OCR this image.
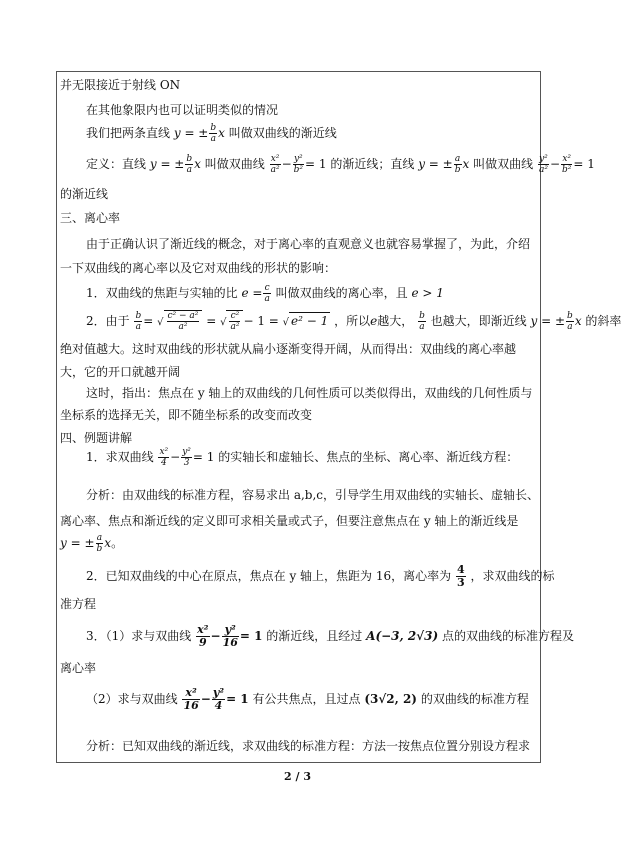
并无限接近于射线 ON
在其他象限内也可以证明类似的情况
我们把两条直线 y = ± $\frac{b}{a}$ x 叫做双曲线的渐近线
定义：直线 y = ± $\frac{b}{a}$ x 叫做双曲线 $\frac{\text{x²}}{\text{a²}} - \frac{\text{y²}}{\text{b²}} = 1$ 的渐近线；直线 y = ± $\frac{a}{b}$ x 叫做双曲线 $\frac{\text{y²}}{\text{a²}} - \frac{\text{x²}}{\text{b²}} = 1$
的渐近线
三、离心率
由于正确认识了渐近线的概念，对于离心率的直观意义也就容易掌握了，为此，介绍
一下双曲线的离心率以及它对双曲线的形状的影响：
1．双曲线的焦距与实轴的比 $e = \frac{c}{a}$ 叫做双曲线的离心率，且 e > 1
2．由于 $\frac{b}{a}$ = √ $\frac{\text{c² − a²}}{\text{a²}}$ = √ $\frac{\text{c²}}{\text{a²}} - 1$ = √ e² − 1 ，所以e越大， $\frac{b}{a}$ 也越大，即渐近线 y = ± $\frac{b}{a}$ x 的斜率
绝对值越大。这时双曲线的形状就从扁小逐渐变得开阔，从而得出：双曲线的离心率越
大，它的开口就越开阔
这时，指出：焦点在 y 轴上的双曲线的几何性质可以类似得出，双曲线的几何性质与
坐标系的选择无关，即不随坐标系的改变而改变
四、例题讲解
1．求双曲线 $\frac{\text{x²}}{4} - \frac{\text{y²}}{3} = 1$ 的实轴长和虚轴长、焦点的坐标、离心率、渐近线方程：
分析：由双曲线的标准方程，容易求出 a,b,c，引导学生用双曲线的实轴长、虚轴长、
离心率、焦点和渐近线的定义即可求相关量或式子，但要注意焦点在 y 轴上的渐近线是
y = ± $\frac{a}{b}$ x。
2．已知双曲线的中心在原点，焦点在 y 轴上，焦距为 16，离心率为 $\frac{4}{3}$ ，求双曲线的标
准方程
3．（1）求与双曲线 $\frac{\text{x²}}{9} - \frac{\text{y²}}{16} = 1$ 的渐近线，且经过 A(−3, 2√3) 点的双曲线的标准方程及
离心率
（2）求与双曲线 $\frac{\text{x²}}{16} - \frac{\text{y²}}{4} = 1$ 有公共焦点，且过点 (3√2, 2) 的双曲线的标准方程
分析：已知双曲线的渐近线，求双曲线的标准方程：方法一按焦点位置分别设方程求
2 / 3
